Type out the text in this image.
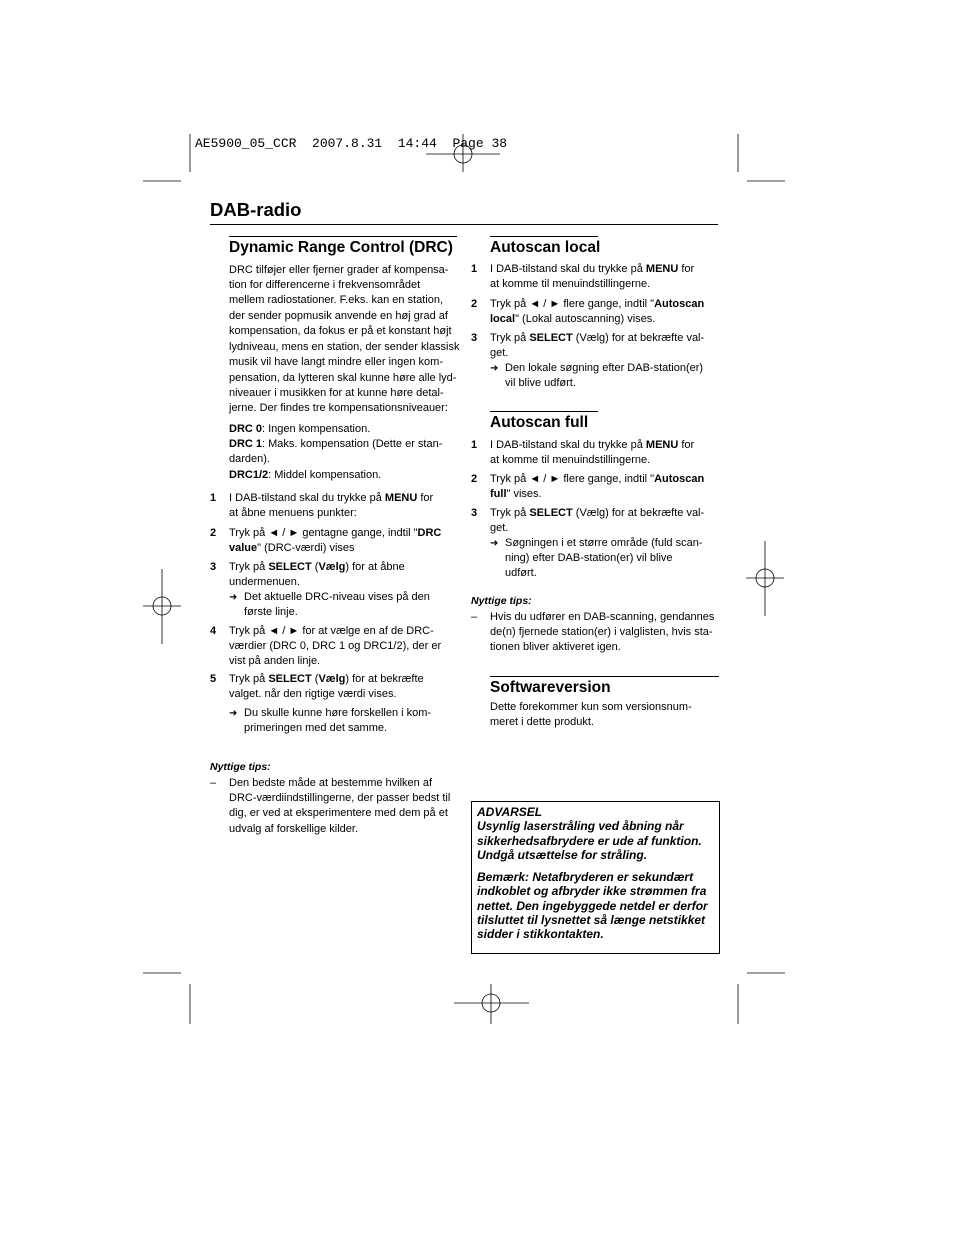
AE5900_05_CCR  2007.8.31  14:44  Page 38
DAB-radio
Dynamic Range Control (DRC)
DRC tilføjer eller fjerner grader af kompensa-
tion for differencerne i frekvensområdet
mellem radiostationer. F.eks. kan en station,
der sender popmusik anvende en høj grad af
kompensation, da fokus er på et konstant højt
lydniveau, mens en station, der sender klassisk
musik vil have langt mindre eller ingen kom-
pensation, da lytteren skal kunne høre alle lyd-
niveauer i musikken for at kunne høre detal-
jerne. Der findes tre kompensationsniveauer:
DRC 0: Ingen kompensation.
DRC 1: Maks. kompensation (Dette er stan-
darden).
DRC1/2: Middel kompensation.
1 I DAB-tilstand skal du trykke på MENU for
at åbne menuens punkter:
2 Tryk på ◄ / ► gentagne gange, indtil "DRC
value" (DRC-værdi) vises
3 Tryk på SELECT (Vælg) for at åbne
undermenuen.
➜ Det aktuelle DRC-niveau vises på den
første linje.
4 Tryk på ◄ / ► for at vælge en af de DRC-
værdier (DRC 0, DRC 1 og DRC1/2), der er
vist på anden linje.
5 Tryk på SELECT (Vælg) for at bekræfte
valget. når den rigtige værdi vises.
➜ Du skulle kunne høre forskellen i kom-
primeringen med det samme.
Nyttige tips:
– Den bedste måde at bestemme hvilken af
DRC-værdiindstillingerne, der passer bedst til
dig, er ved at eksperimentere med dem på et
udvalg af forskellige kilder.
Autoscan local
1 I DAB-tilstand skal du trykke på MENU for
at komme til menuindstillingerne.
2 Tryk på ◄ / ► flere gange, indtil "Autoscan
local" (Lokal autoscanning) vises.
3 Tryk på SELECT (Vælg) for at bekræfte val-
get.
➜ Den lokale søgning efter DAB-station(er)
vil blive udført.
Autoscan full
1 I DAB-tilstand skal du trykke på MENU for
at komme til menuindstillingerne.
2 Tryk på ◄ / ► flere gange, indtil "Autoscan
full" vises.
3 Tryk på SELECT (Vælg) for at bekræfte val-
get.
➜ Søgningen i et større område (fuld scan-
ning) efter DAB-station(er) vil blive
udført.
Nyttige tips:
– Hvis du udfører en DAB-scanning, gendannes
de(n) fjernede station(er) i valglisten, hvis sta-
tionen bliver aktiveret igen.
Softwareversion
Dette forekommer kun som versionsnum-
meret i dette produkt.
ADVARSEL
Usynlig laserstråling ved åbning når
sikkerhedsafbrydere er ude af funktion.
Undgå utsættelse for stråling.
Bemærk: Netafbryderen er sekundært
indkoblet og afbryder ikke strømmen fra
nettet. Den ingebyggede netdel er derfor
tilsluttet til lysnettet så længe netstikket
sidder i stikkontakten.
